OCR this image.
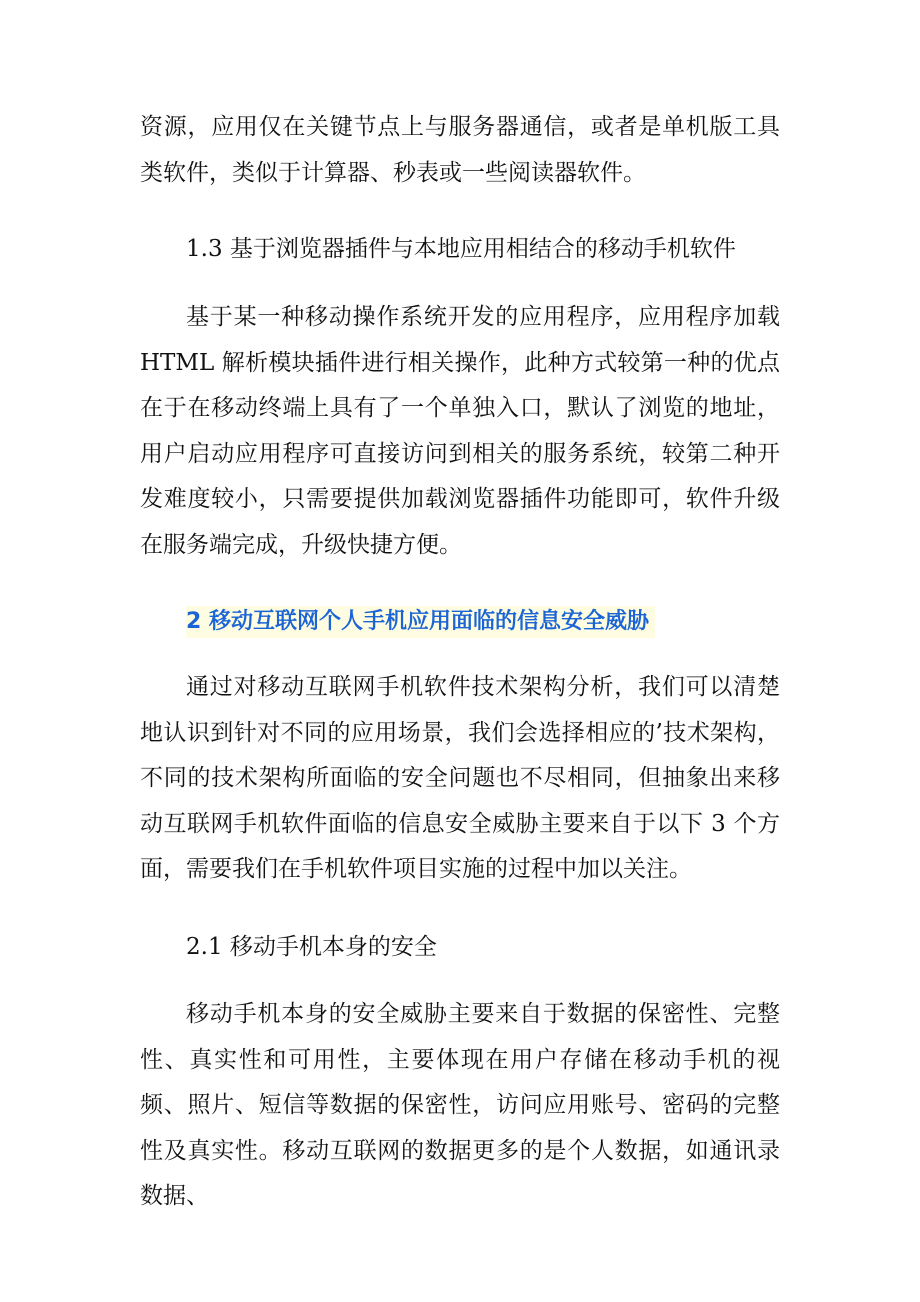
资源，应用仅在关键节点上与服务器通信，或者是单机版工具类软件，类似于计算器、秒表或一些阅读器软件。

1.3 基于浏览器插件与本地应用相结合的移动手机软件

基于某一种移动操作系统开发的应用程序，应用程序加载 HTML 解析模块插件进行相关操作，此种方式较第一种的优点在于在移动终端上具有了一个单独入口，默认了浏览的地址，用户启动应用程序可直接访问到相关的服务系统，较第二种开发难度较小，只需要提供加载浏览器插件功能即可，软件升级在服务端完成，升级快捷方便。

2 移动互联网个人手机应用面临的信息安全威胁

通过对移动互联网手机软件技术架构分析，我们可以清楚地认识到针对不同的应用场景，我们会选择相应的’技术架构，不同的技术架构所面临的安全问题也不尽相同，但抽象出来移动互联网手机软件面临的信息安全威胁主要来自于以下 3 个方面，需要我们在手机软件项目实施的过程中加以关注。

2.1 移动手机本身的安全

移动手机本身的安全威胁主要来自于数据的保密性、完整性、真实性和可用性，主要体现在用户存储在移动手机的视频、照片、短信等数据的保密性，访问应用账号、密码的完整性及真实性。移动互联网的数据更多的是个人数据，如通讯录数据、
